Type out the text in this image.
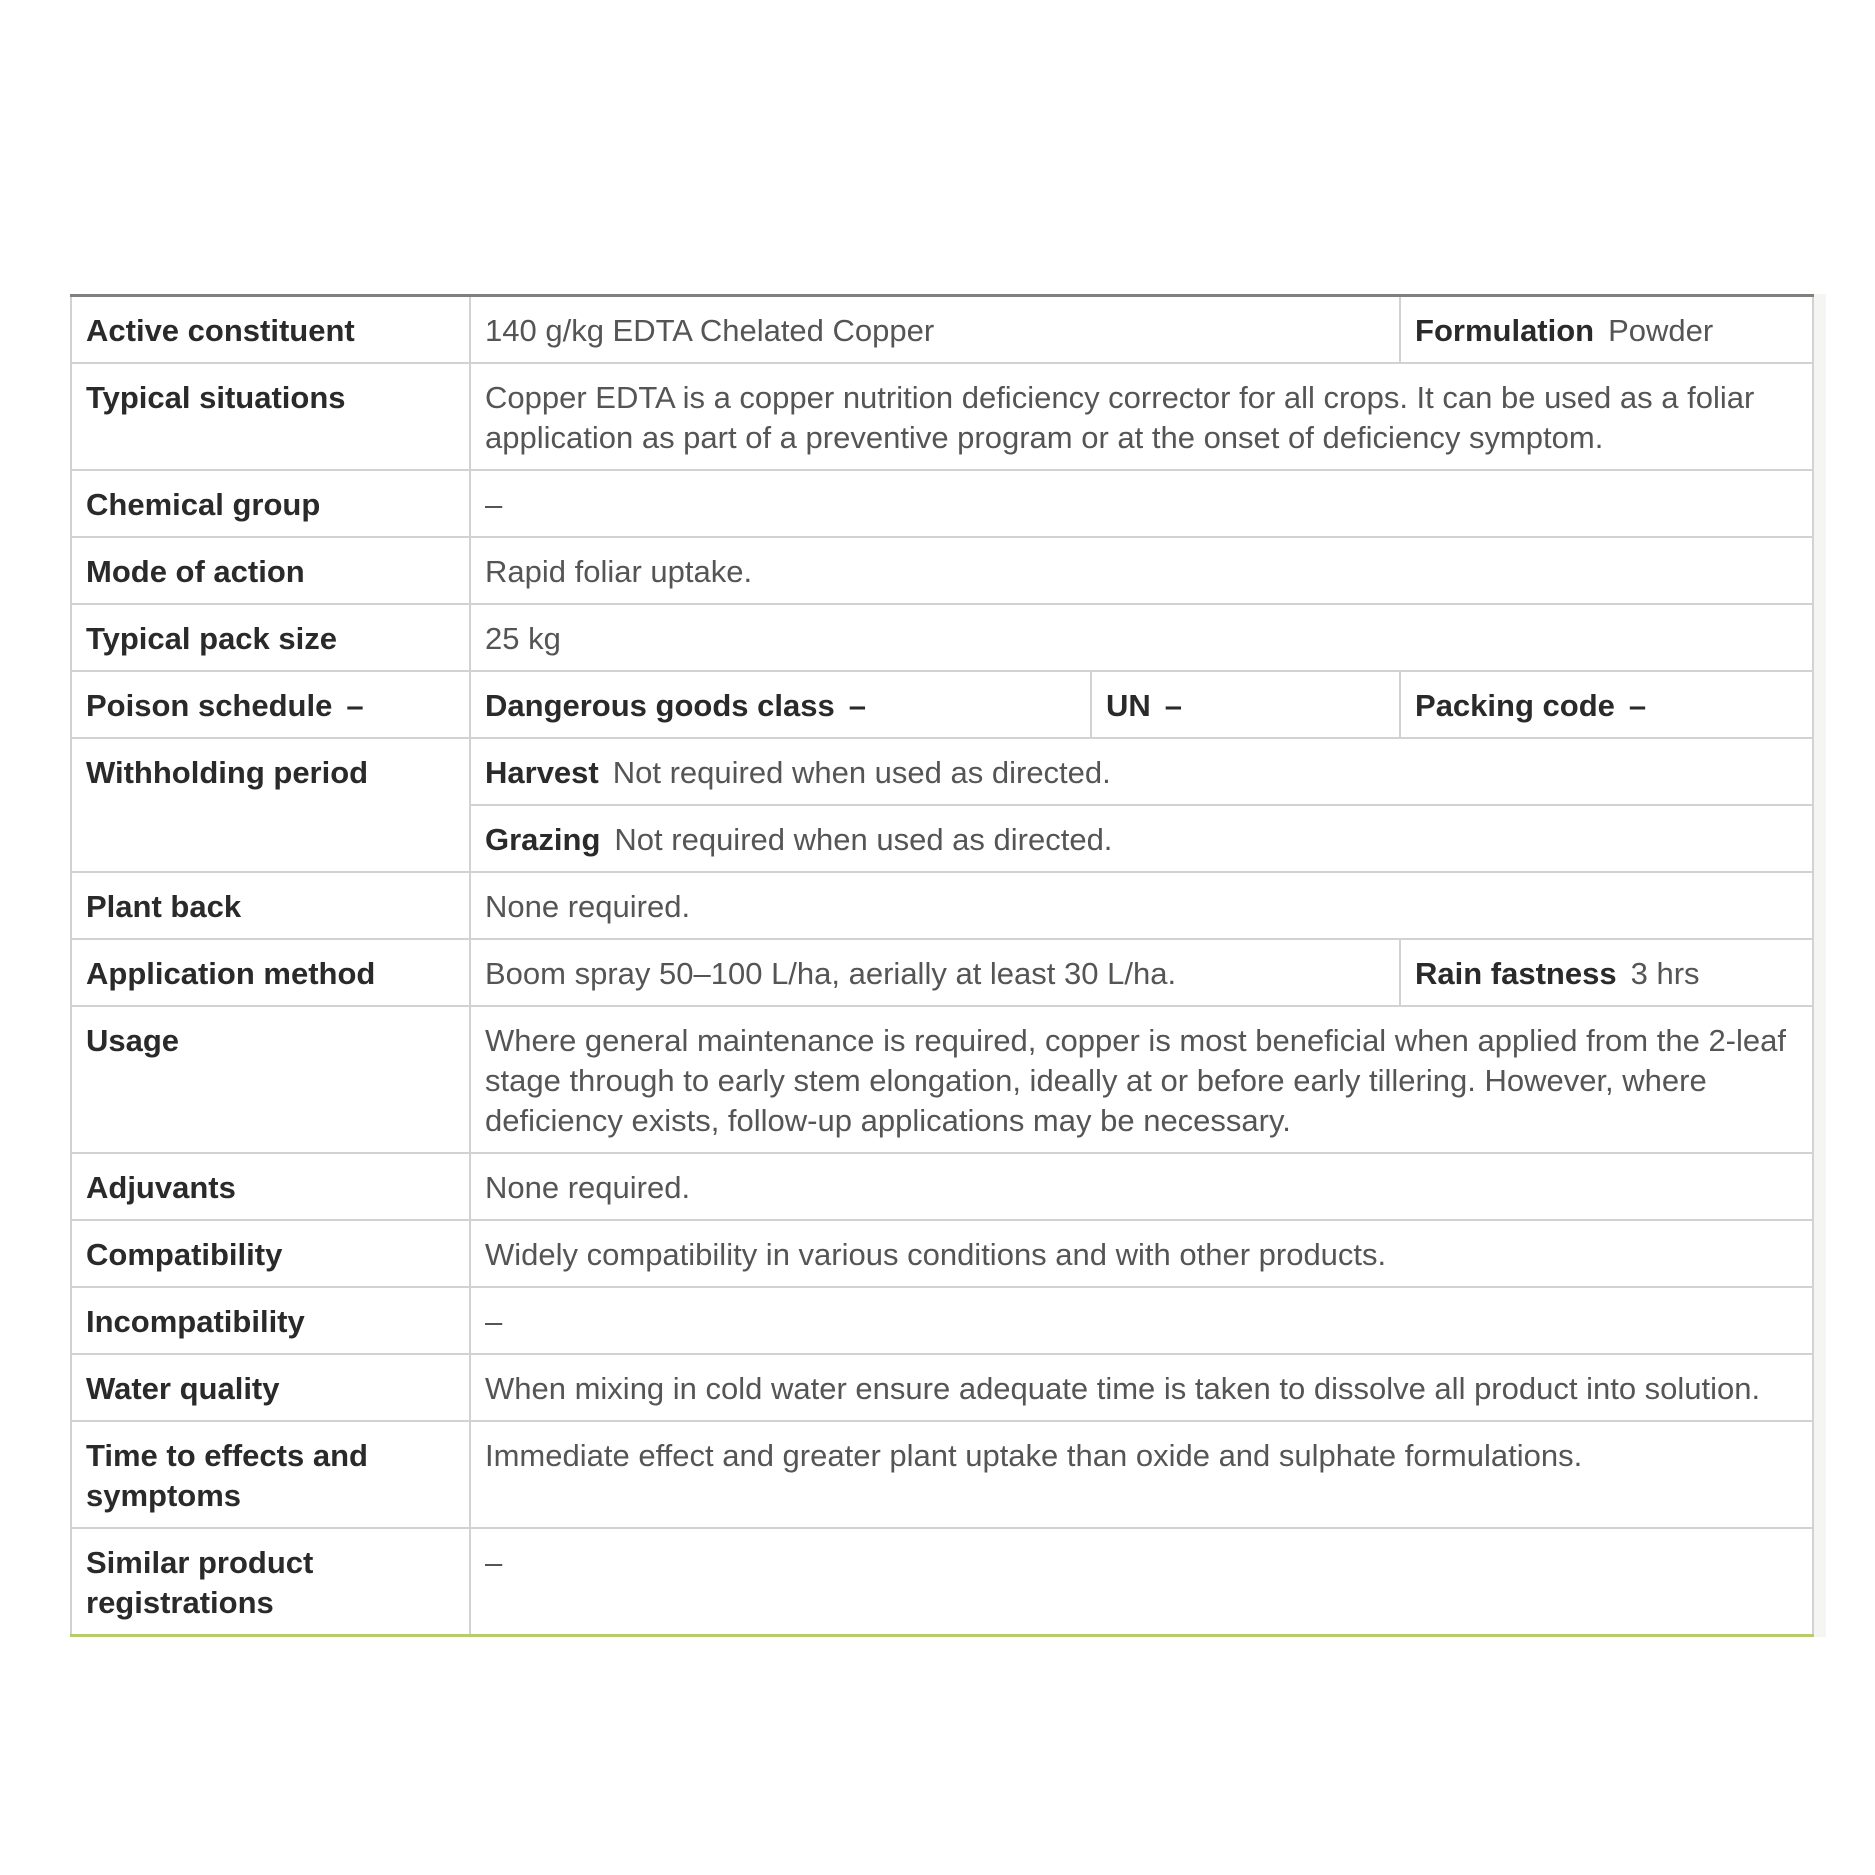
Active constituent	140 g/kg EDTA Chelated Copper		Formulation Powder
Typical situations	Copper EDTA is a copper nutrition deficiency corrector for all crops. It can be used as a foliar application as part of a preventive program or at the onset of deficiency symptom.		
Chemical group	–		
Mode of action	Rapid foliar uptake.		
Typical pack size	25 kg		
Poison schedule –	Dangerous goods class –	UN –	Packing code –
Withholding period	Harvest Not required when used as directed.		
	Grazing Not required when used as directed.		
Plant back	None required.		
Application method	Boom spray 50–100 L/ha, aerially at least 30 L/ha.		Rain fastness 3 hrs
Usage	Where general maintenance is required, copper is most beneficial when applied from the 2-leaf stage through to early stem elongation, ideally at or before early tillering. However, where deficiency exists, follow-up applications may be necessary.		
Adjuvants	None required.		
Compatibility	Widely compatibility in various conditions and with other products.		
Incompatibility	–		
Water quality	When mixing in cold water ensure adequate time is taken to dissolve all product into solution.		
Time to effects and symptoms	Immediate effect and greater plant uptake than oxide and sulphate formulations.		
Similar product registrations	–		
